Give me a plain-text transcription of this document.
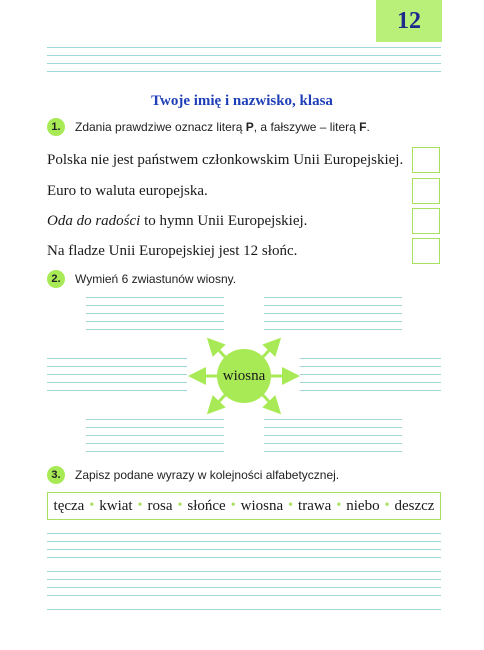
12
Twoje imię i nazwisko, klasa
1.	Zdania prawdziwe oznacz literą P, a fałszywe – literą F.
Polska nie jest państwem członkowskim Unii Europejskiej.
Euro to waluta europejska.
Oda do radości to hymn Unii Europejskiej.
Na fladze Unii Europejskiej jest 12 słońc.
2.	Wymień 6 zwiastunów wiosny.
wiosna
3.	Zapisz podane wyrazy w kolejności alfabetycznej.
tęcza • kwiat • rosa • słońce • wiosna • trawa • niebo • deszcz
